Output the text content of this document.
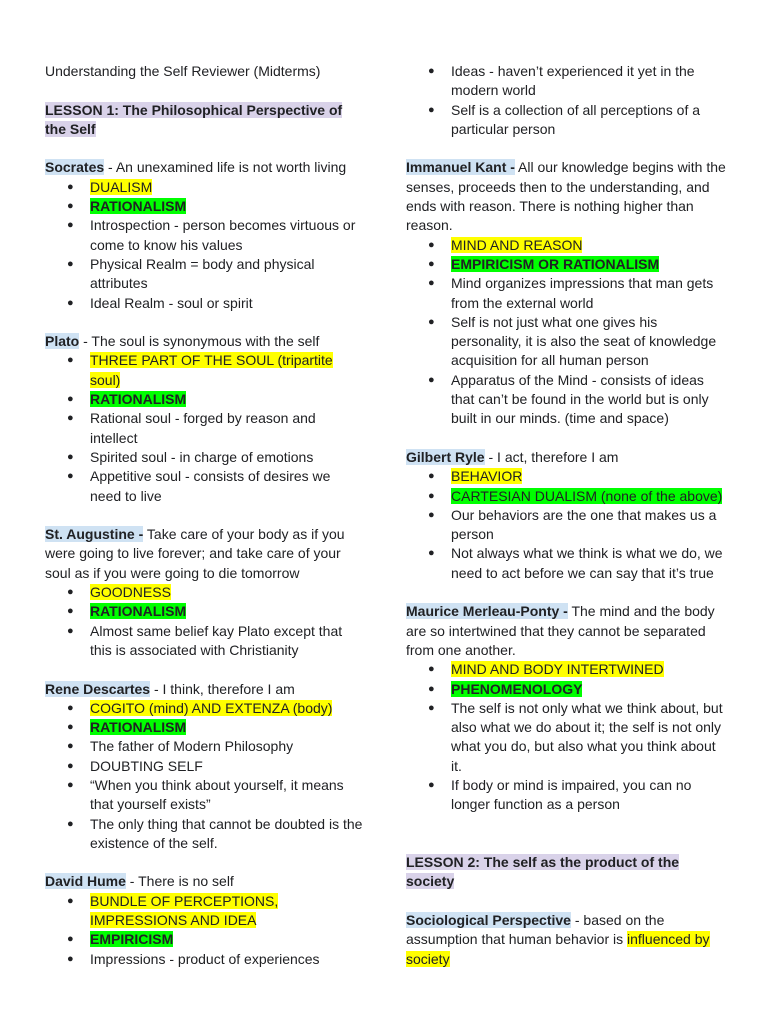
Understanding the Self Reviewer (Midterms)

LESSON 1: The Philosophical Perspective of the Self

Socrates - An unexamined life is not worth living

● DUALISM
● RATIONALISM
● Introspection - person becomes virtuous or come to know his values
● Physical Realm = body and physical attributes
● Ideal Realm - soul or spirit

Plato - The soul is synonymous with the self

● THREE PART OF THE SOUL (tripartite soul)
● RATIONALISM
● Rational soul - forged by reason and intellect
● Spirited soul - in charge of emotions
● Appetitive soul - consists of desires we need to live

St. Augustine - Take care of your body as if you were going to live forever; and take care of your soul as if you were going to die tomorrow

● GOODNESS
● RATIONALISM
● Almost same belief kay Plato except that this is associated with Christianity

Rene Descartes - I think, therefore I am

● COGITO (mind) AND EXTENZA (body)
● RATIONALISM
● The father of Modern Philosophy
● DOUBTING SELF
● “When you think about yourself, it means that yourself exists”
● The only thing that cannot be doubted is the existence of the self.

David Hume - There is no self

● BUNDLE OF PERCEPTIONS, IMPRESSIONS AND IDEA
● EMPIRICISM
● Impressions - product of experiences
● Ideas - haven’t experienced it yet in the modern world
● Self is a collection of all perceptions of a particular person

Immanuel Kant - All our knowledge begins with the senses, proceeds then to the understanding, and ends with reason. There is nothing higher than reason.

● MIND AND REASON
● EMPIRICISM OR RATIONALISM
● Mind organizes impressions that man gets from the external world
● Self is not just what one gives his personality, it is also the seat of knowledge acquisition for all human person
● Apparatus of the Mind - consists of ideas that can’t be found in the world but is only built in our minds. (time and space)

Gilbert Ryle - I act, therefore I am

● BEHAVIOR
● CARTESIAN DUALISM (none of the above)
● Our behaviors are the one that makes us a person
● Not always what we think is what we do, we need to act before we can say that it’s true

Maurice Merleau-Ponty - The mind and the body are so intertwined that they cannot be separated from one another.

● MIND AND BODY INTERTWINED
● PHENOMENOLOGY
● The self is not only what we think about, but also what we do about it; the self is not only what you do, but also what you think about it.
● If body or mind is impaired, you can no longer function as a person

LESSON 2: The self as the product of the society

Sociological Perspective - based on the assumption that human behavior is influenced by society
